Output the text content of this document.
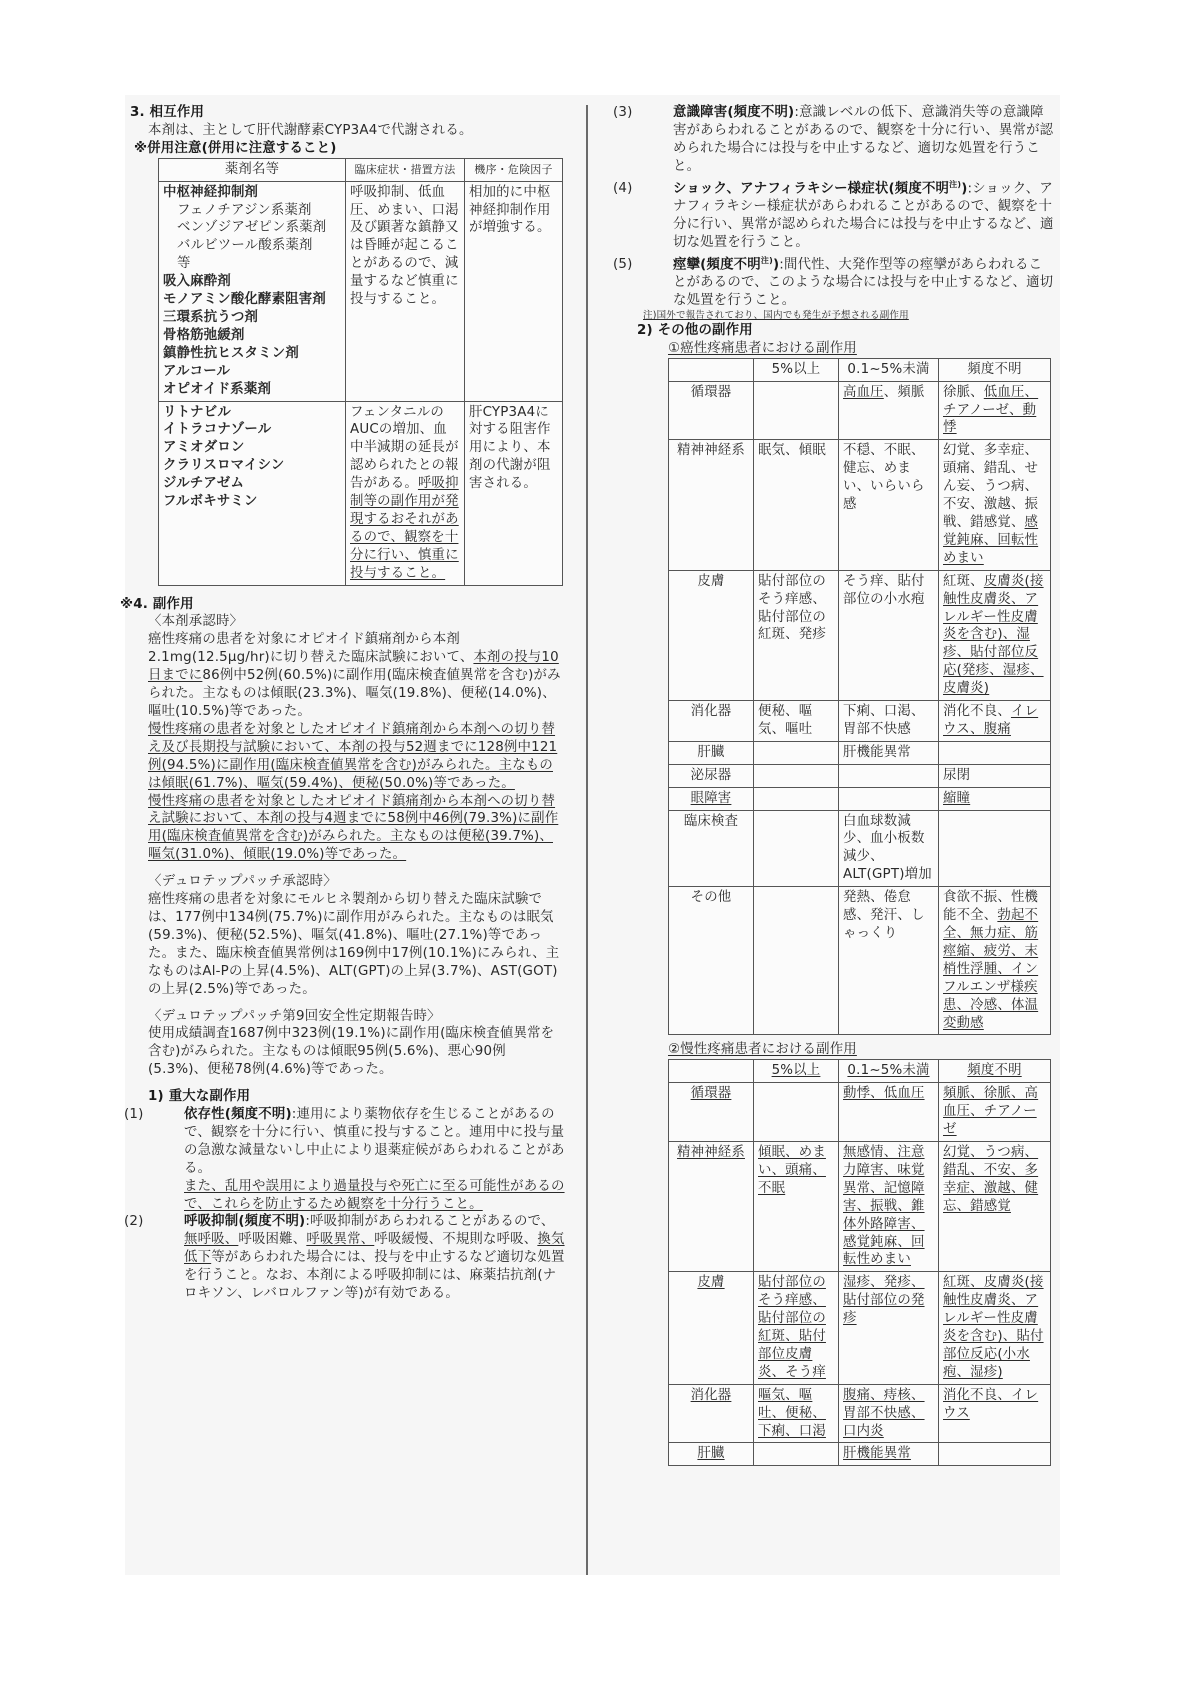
3. 相互作用
本剤は、主として肝代謝酵素CYP3A4で代謝される。
※併用注意(併用に注意すること)
薬剤名等	臨床症状・措置方法	機序・危険因子

中枢神経抑制剤
フェノチアジン系薬剤
ベンゾジアゼピン系薬剤
バルビツール酸系薬剤
等
吸入麻酔剤
モノアミン酸化酵素阻害剤
三環系抗うつ剤
骨格筋弛緩剤
鎮静性抗ヒスタミン剤
アルコール
オピオイド系薬剤
	呼吸抑制、低血圧、めまい、口渇及び顕著な鎮静又は昏睡が起こることがあるので、減量するなど慎重に投与すること。	相加的に中枢神経抑制作用が増強する。

リトナビル
イトラコナゾール
アミオダロン
クラリスロマイシン
ジルチアゼム
フルボキサミン
	フェンタニルのAUCの増加、血中半減期の延長が認められたとの報告がある。呼吸抑制等の副作用が発現するおそれがあるので、観察を十分に行い、慎重に投与すること。	肝CYP3A4に対する阻害作用により、本剤の代謝が阻害される。
※4. 副作用
〈本剤承認時〉

癌性疼痛の患者を対象にオピオイド鎮痛剤から本剤2.1mg(12.5μg/hr)に切り替えた臨床試験において、本剤の投与10日までに86例中52例(60.5%)に副作用(臨床検査値異常を含む)がみられた。主なものは傾眠(23.3%)、嘔気(19.8%)、便秘(14.0%)、嘔吐(10.5%)等であった。

慢性疼痛の患者を対象としたオピオイド鎮痛剤から本剤への切り替え及び長期投与試験において、本剤の投与52週までに128例中121例(94.5%)に副作用(臨床検査値異常を含む)がみられた。主なものは傾眠(61.7%)、嘔気(59.4%)、便秘(50.0%)等であった。

慢性疼痛の患者を対象としたオピオイド鎮痛剤から本剤への切り替え試験において、本剤の投与4週までに58例中46例(79.3%)に副作用(臨床検査値異常を含む)がみられた。主なものは便秘(39.7%)、嘔気(31.0%)、傾眠(19.0%)等であった。

〈デュロテップパッチ承認時〉

癌性疼痛の患者を対象にモルヒネ製剤から切り替えた臨床試験では、177例中134例(75.7%)に副作用がみられた。主なものは眠気(59.3%)、便秘(52.5%)、嘔気(41.8%)、嘔吐(27.1%)等であった。また、臨床検査値異常例は169例中17例(10.1%)にみられ、主なものはAl-Pの上昇(4.5%)、ALT(GPT)の上昇(3.7%)、AST(GOT)の上昇(2.5%)等であった。

〈デュロテップパッチ第9回安全性定期報告時〉

使用成績調査1687例中323例(19.1%)に副作用(臨床検査値異常を含む)がみられた。主なものは傾眠95例(5.6%)、悪心90例(5.3%)、便秘78例(4.6%)等であった。

1) 重大な副作用
(1)	依存性(頻度不明):連用により薬物依存を生じることがあるので、観察を十分に行い、慎重に投与すること。連用中に投与量の急激な減量ないし中止により退薬症候があらわれることがある。
また、乱用や誤用により過量投与や死亡に至る可能性があるので、これらを防止するため観察を十分行うこと。
(2)	呼吸抑制(頻度不明):呼吸抑制があらわれることがあるので、無呼吸、呼吸困難、呼吸異常、呼吸緩慢、不規則な呼吸、換気低下等があらわれた場合には、投与を中止するなど適切な処置を行うこと。なお、本剤による呼吸抑制には、麻薬拮抗剤(ナロキソン、レバロルファン等)が有効である。
(3)	意識障害(頻度不明):意識レベルの低下、意識消失等の意識障害があらわれることがあるので、観察を十分に行い、異常が認められた場合には投与を中止するなど、適切な処置を行うこと。
(4)	ショック、アナフィラキシー様症状(頻度不明$^{注)}$):ショック、アナフィラキシー様症状があらわれることがあるので、観察を十分に行い、異常が認められた場合には投与を中止するなど、適切な処置を行うこと。
(5)	痙攣(頻度不明$^{注)}$):間代性、大発作型等の痙攣があらわれることがあるので、このような場合には投与を中止するなど、適切な処置を行うこと。
注)国外で報告されており、国内でも発生が予想される副作用
2) その他の副作用
①癌性疼痛患者における副作用
	5%以上	0.1~5%未満	頻度不明
循環器		高血圧、頻脈	徐脈、低血圧、チアノーゼ、動悸
精神神経系	眠気、傾眠	不穏、不眠、健忘、めまい、いらいら感	幻覚、多幸症、頭痛、錯乱、せん妄、うつ病、不安、激越、振戦、錯感覚、感覚鈍麻、回転性めまい
皮膚	貼付部位のそう痒感、貼付部位の紅斑、発疹	そう痒、貼付部位の小水疱	紅斑、皮膚炎(接触性皮膚炎、アレルギー性皮膚炎を含む)、湿疹、貼付部位反応(発疹、湿疹、皮膚炎)
消化器	便秘、嘔気、嘔吐	下痢、口渇、胃部不快感	消化不良、イレウス、腹痛
肝臓		肝機能異常	
泌尿器			尿閉
眼障害			縮瞳
臨床検査		白血球数減少、血小板数減少、ALT(GPT)増加	
その他		発熱、倦怠感、発汗、しゃっくり	食欲不振、性機能不全、勃起不全、無力症、筋痙縮、疲労、末梢性浮腫、インフルエンザ様疾患、冷感、体温変動感
②慢性疼痛患者における副作用
	5%以上	0.1~5%未満	頻度不明
循環器		動悸、低血圧	頻脈、徐脈、高血圧、チアノーゼ
精神神経系	傾眠、めまい、頭痛、不眠	無感情、注意力障害、味覚異常、記憶障害、振戦、錐体外路障害、感覚鈍麻、回転性めまい	幻覚、うつ病、錯乱、不安、多幸症、激越、健忘、錯感覚
皮膚	貼付部位のそう痒感、貼付部位の紅斑、貼付部位皮膚炎、そう痒	湿疹、発疹、貼付部位の発疹	紅斑、皮膚炎(接触性皮膚炎、アレルギー性皮膚炎を含む)、貼付部位反応(小水疱、湿疹)
消化器	嘔気、嘔吐、便秘、下痢、口渇	腹痛、痔核、胃部不快感、口内炎	消化不良、イレウス
肝臓		肝機能異常	
